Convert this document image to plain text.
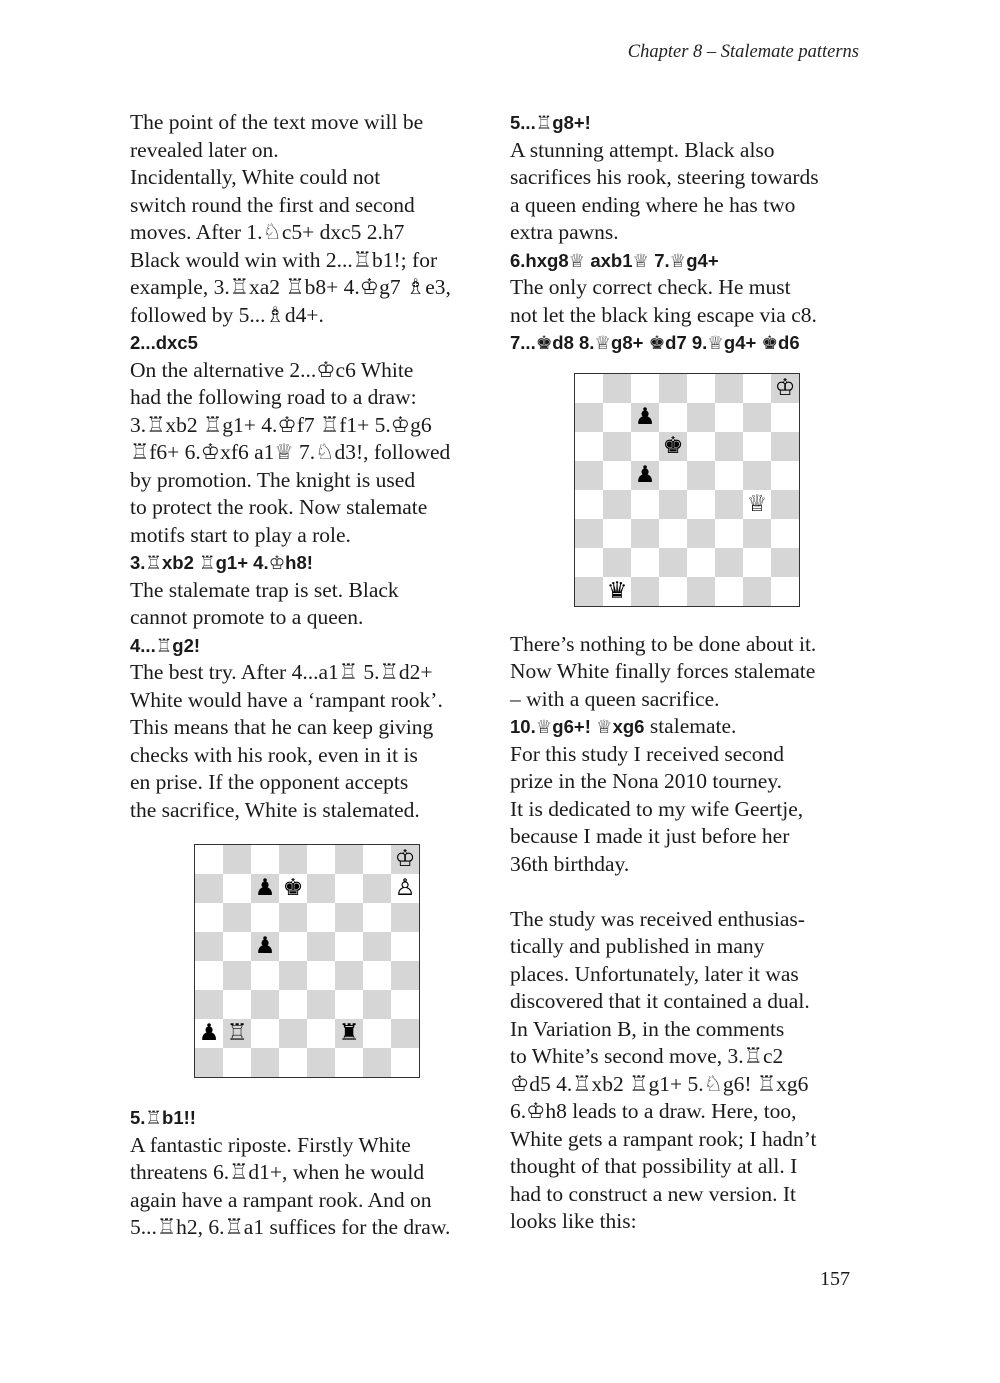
Chapter 8 – Stalemate patterns
The point of the text move will be
revealed later on.
Incidentally, White could not
switch round the first and second
moves. After 1.♘c5+ dxc5 2.h7
Black would win with 2...♖b1!; for
example, 3.♖xa2 ♖b8+ 4.♔g7 ♗e3,
followed by 5...♗d4+.

2...dxc5

On the alternative 2...♔c6 White
had the following road to a draw:
3.♖xb2 ♖g1+ 4.♔f7 ♖f1+ 5.♔g6
♖f6+ 6.♔xf6 a1♕ 7.♘d3!, followed
by promotion. The knight is used
to protect the rook. Now stalemate
motifs start to play a role.

3.♖xb2 ♖g1+ 4.♔h8!

The stalemate trap is set. Black
cannot promote to a queen.

4...♖g2!

The best try. After 4...a1♖ 5.♖d2+
White would have a ‘rampant rook’.
This means that he can keep giving
checks with his rook, even in it is
en prise. If the opponent accepts
the sacrifice, White is stalemated.
♔
♟ ♚	♙
♟
♟ ♖	♜

5.♖b1!!

A fantastic riposte. Firstly White
threatens 6.♖d1+, when he would
again have a rampant rook. And on
5...♖h2, 6.♖a1 suffices for the draw.

5...♖g8+!

A stunning attempt. Black also
sacrifices his rook, steering towards
a queen ending where he has two
extra pawns.

6.hxg8♕ axb1♕ 7.♕g4+

The only correct check. He must
not let the black king escape via c8.

7...♚d8 8.♕g8+ ♚d7 9.♕g4+ ♚d6

♔
♟
♚
♟
♕
♛
There’s nothing to be done about it.
Now White finally forces stalemate
– with a queen sacrifice.

10.♕g6+! ♕xg6 stalemate.

For this study I received second
prize in the Nona 2010 tourney.
It is dedicated to my wife Geertje,
because I made it just before her
36th birthday.
The study was received enthusias-
tically and published in many
places. Unfortunately, later it was
discovered that it contained a dual.
In Variation B, in the comments
to White’s second move, 3.♖c2
♔d5 4.♖xb2 ♖g1+ 5.♘g6! ♖xg6
6.♔h8 leads to a draw. Here, too,
White gets a rampant rook; I hadn’t
thought of that possibility at all. I
had to construct a new version. It
looks like this:
157
